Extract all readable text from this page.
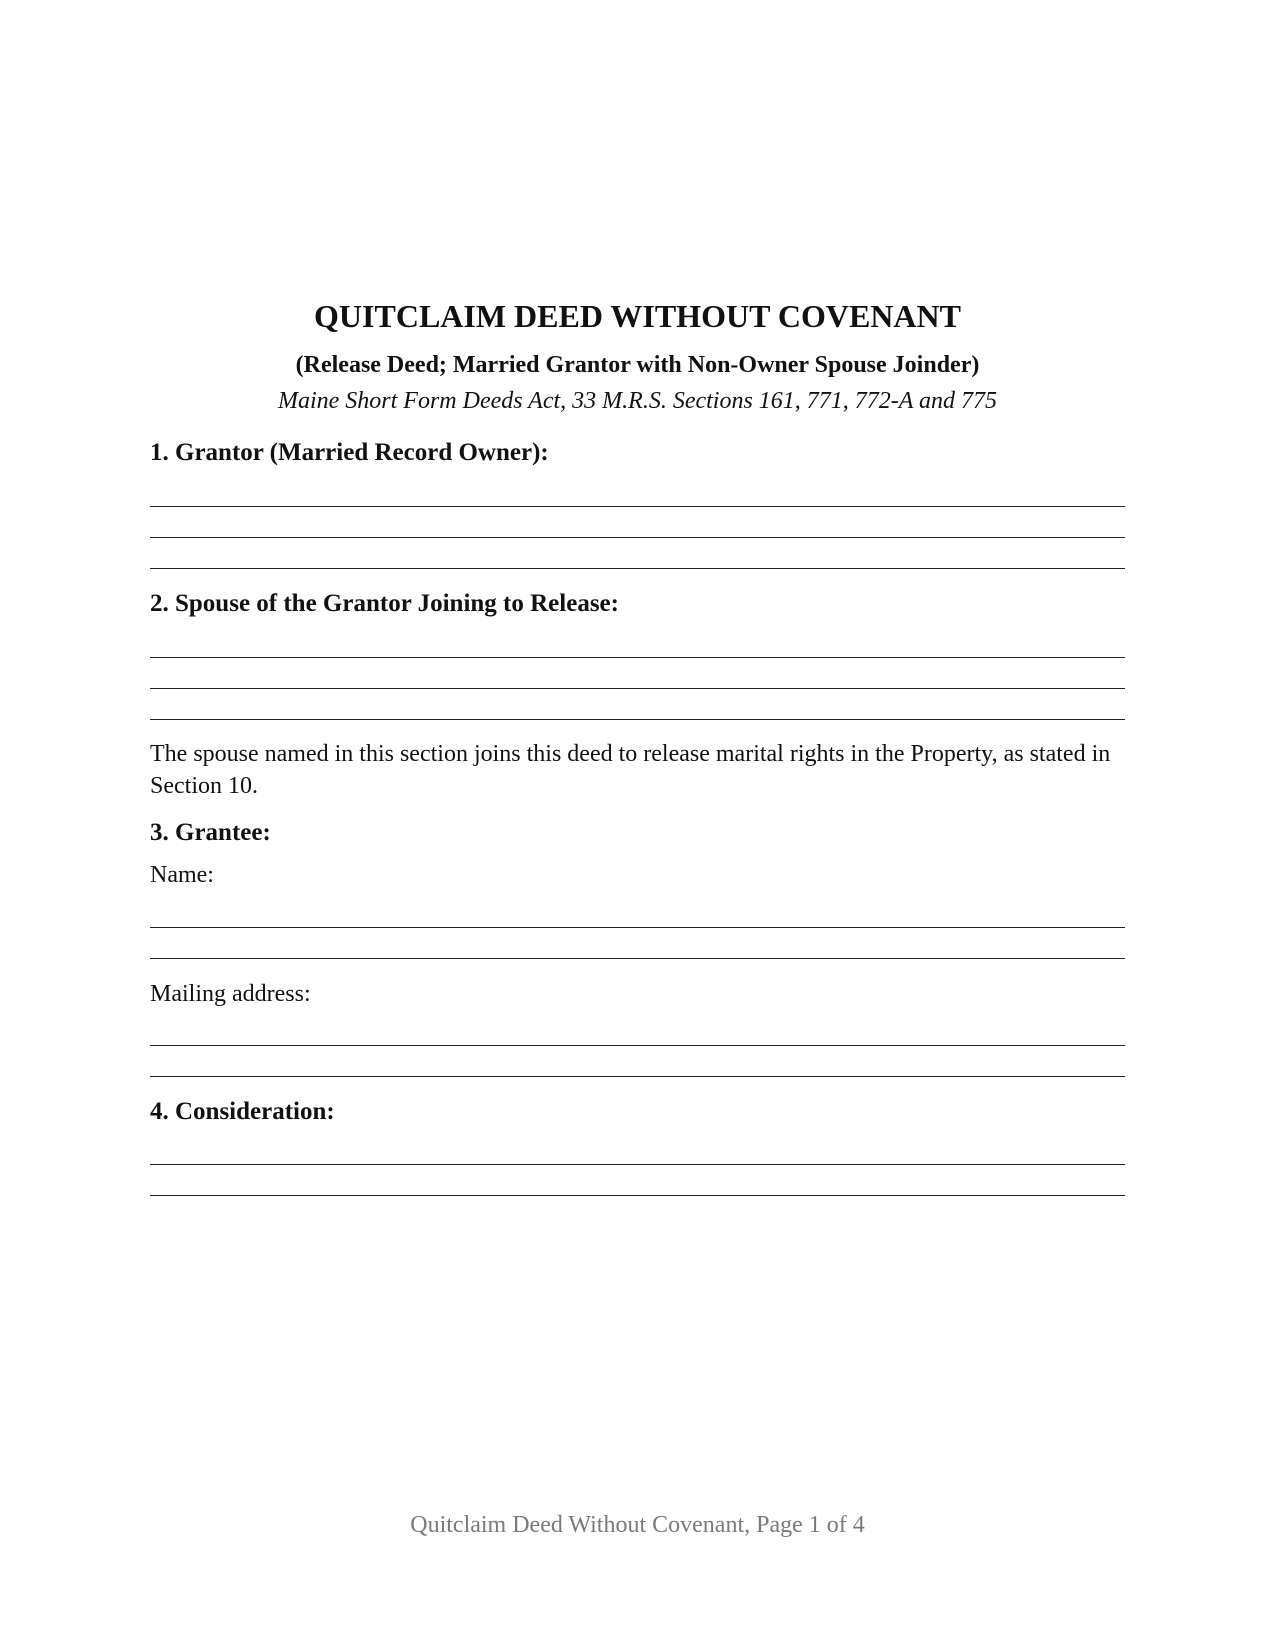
QUITCLAIM DEED WITHOUT COVENANT

(Release Deed; Married Grantor with Non-Owner Spouse Joinder)

Maine Short Form Deeds Act, 33 M.R.S. Sections 161, 771, 772-A and 775

1. Grantor (Married Record Owner):
2. Spouse of the Grantor Joining to Release:

The spouse named in this section joins this deed to release marital rights in the Property, as stated in Section 10.

3. Grantee:

Name:

Mailing address:

4. Consideration:

Quitclaim Deed Without Covenant, Page 1 of 4
